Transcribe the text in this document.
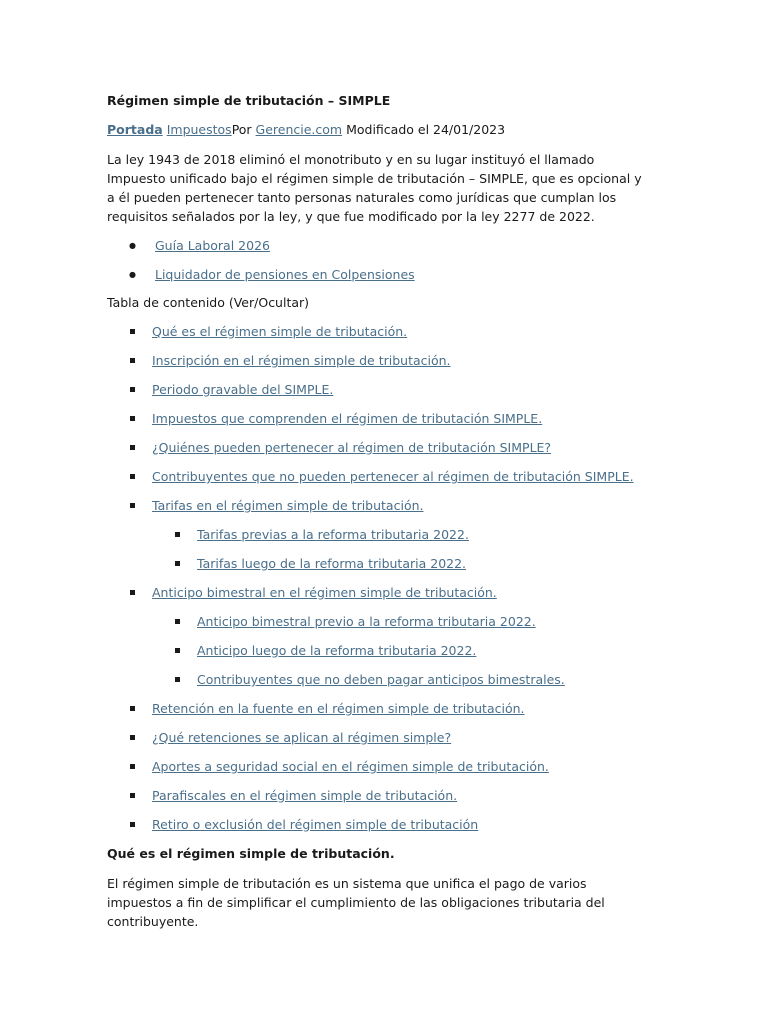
Régimen simple de tributación – SIMPLE

Portada ImpuestosPor Gerencie.com Modificado el 24/01/2023

La ley 1943 de 2018 eliminó el monotributo y en su lugar instituyó el llamado Impuesto unificado bajo el régimen simple de tributación – SIMPLE, que es opcional y a él pueden pertenecer tanto personas naturales como jurídicas que cumplan los requisitos señalados por la ley, y que fue modificado por la ley 2277 de 2022.

● Guía Laboral 2026
● Liquidador de pensiones en Colpensiones

Tabla de contenido (Ver/Ocultar)

Qué es el régimen simple de tributación.
Inscripción en el régimen simple de tributación.
Periodo gravable del SIMPLE.
Impuestos que comprenden el régimen de tributación SIMPLE.
¿Quiénes pueden pertenecer al régimen de tributación SIMPLE?
Contribuyentes que no pueden pertenecer al régimen de tributación SIMPLE.
Tarifas en el régimen simple de tributación.
Tarifas previas a la reforma tributaria 2022.
Tarifas luego de la reforma tributaria 2022.
Anticipo bimestral en el régimen simple de tributación.
Anticipo bimestral previo a la reforma tributaria 2022.
Anticipo luego de la reforma tributaria 2022.
Contribuyentes que no deben pagar anticipos bimestrales.
Retención en la fuente en el régimen simple de tributación.
¿Qué retenciones se aplican al régimen simple?
Aportes a seguridad social en el régimen simple de tributación.
Parafiscales en el régimen simple de tributación.
Retiro o exclusión del régimen simple de tributación

Qué es el régimen simple de tributación.

El régimen simple de tributación es un sistema que unifica el pago de varios impuestos a fin de simplificar el cumplimiento de las obligaciones tributaria del contribuyente.
